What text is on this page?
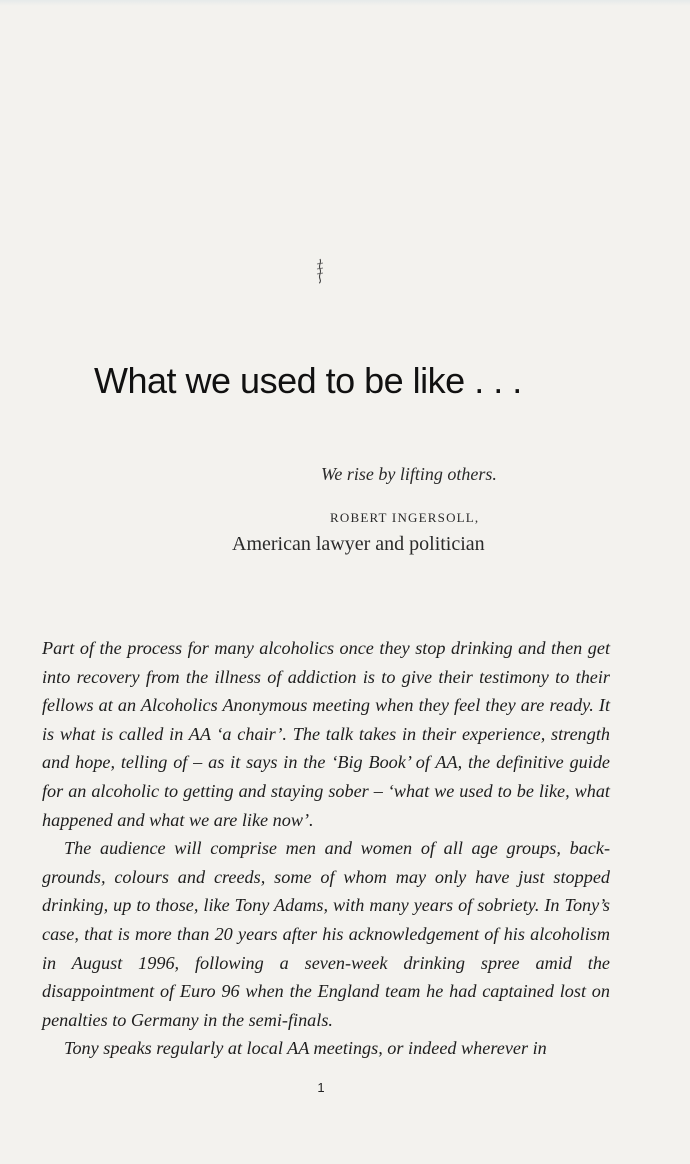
What we used to be like . . .
We rise by lifting others.
ROBERT INGERSOLL,
American lawyer and politician

Part of the process for many alcoholics once they stop drinking and then get into recovery from the illness of addiction is to give their testimony to their fellows at an Alcoholics Anonymous meeting when they feel they are ready. It is what is called in AA ‘a chair’. The talk takes in their experience, strength and hope, telling of – as it says in the ‘Big Book’ of AA, the definitive guide for an alcoholic to getting and staying sober – ‘what we used to be like, what happened and what we are like now’.

The audience will comprise men and women of all age groups, backgrounds, colours and creeds, some of whom may only have just stopped drinking, up to those, like Tony Adams, with many years of sobriety. In Tony’s case, that is more than 20 years after his acknowledgement of his alcoholism in August 1996, following a seven-week drinking spree amid the disappointment of Euro 96 when the England team he had captained lost on penalties to Germany in the semi-finals.

Tony speaks regularly at local AA meetings, or indeed wherever in

1
